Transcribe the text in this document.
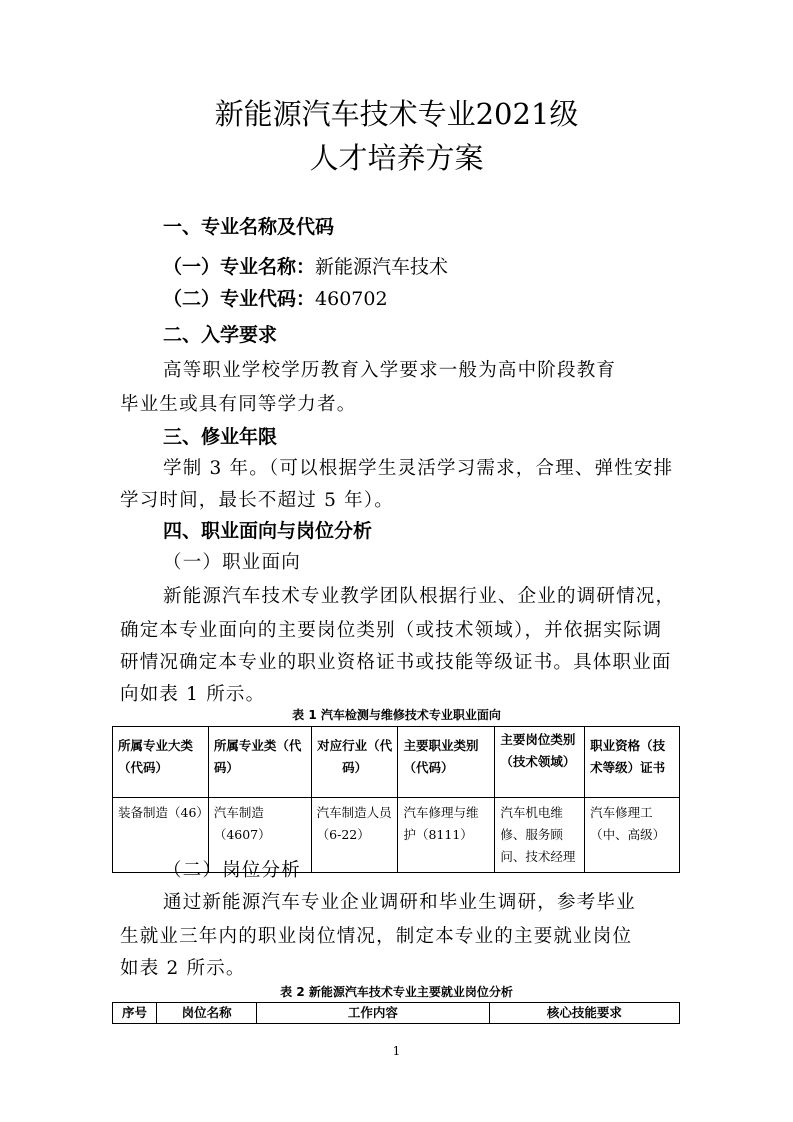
新能源汽车技术专业2021级
人才培养方案
一、专业名称及代码
（一）专业名称：新能源汽车技术
（二）专业代码：460702
二、入学要求
高等职业学校学历教育入学要求一般为高中阶段教育
毕业生或具有同等学力者。
三、修业年限
学制 3 年。（可以根据学生灵活学习需求，合理、弹性安排
学习时间，最长不超过 5 年）。
四、职业面向与岗位分析
（一）职业面向
新能源汽车技术专业教学团队根据行业、企业的调研情况，
确定本专业面向的主要岗位类别（或技术领域），并依据实际调
研情况确定本专业的职业资格证书或技能等级证书。具体职业面
向如表 1 所示。
表 1 汽车检测与维修技术专业职业面向
所属专业大类（代码）	所属专业类（代码）	对应行业（代码）	主要职业类别（代码）	主要岗位类别（技术领域）	职业资格（技术等级）证书
装备制造（46）	汽车制造（4607）	汽车制造人员（6-22）	汽车修理与维护（8111）	汽车机电维修、服务顾问、技术经理	汽车修理工（中、高级）
（二）岗位分析
通过新能源汽车专业企业调研和毕业生调研，参考毕业
生就业三年内的职业岗位情况，制定本专业的主要就业岗位
如表 2 所示。
表 2 新能源汽车技术专业主要就业岗位分析
序号	岗位名称	工作内容	核心技能要求
1
